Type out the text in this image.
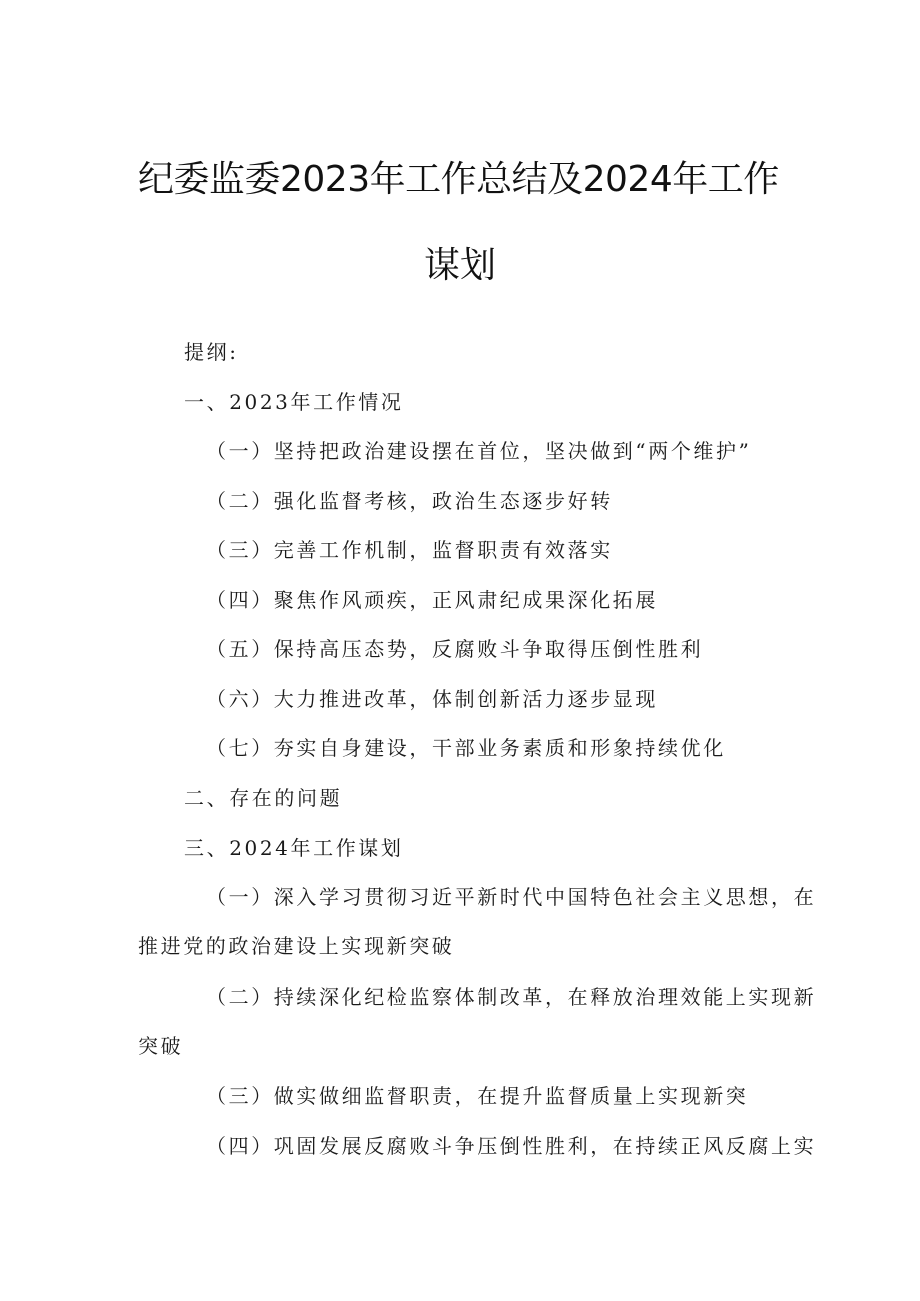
纪委监委2023年工作总结及2024年工作
谋划
提纲:
一、2023年工作情况
（一）坚持把政治建设摆在首位，坚决做到“两个维护”
（二）强化监督考核，政治生态逐步好转
（三）完善工作机制，监督职责有效落实
（四）聚焦作风顽疾，正风肃纪成果深化拓展
（五）保持高压态势，反腐败斗争取得压倒性胜利
（六）大力推进改革，体制创新活力逐步显现
（七）夯实自身建设，干部业务素质和形象持续优化
二、存在的问题
三、2024年工作谋划
（一）深入学习贯彻习近平新时代中国特色社会主义思想，在
推进党的政治建设上实现新突破
（二）持续深化纪检监察体制改革，在释放治理效能上实现新
突破
（三）做实做细监督职责，在提升监督质量上实现新突
（四）巩固发展反腐败斗争压倒性胜利，在持续正风反腐上实
